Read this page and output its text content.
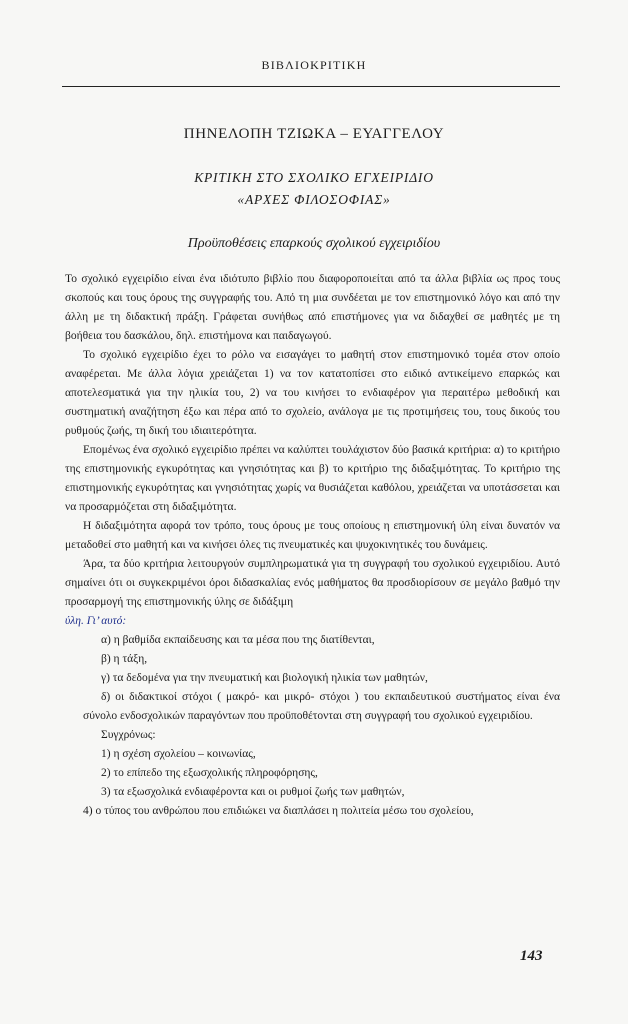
ΒΙΒΛΙΟΚΡΙΤΙΚΗ
ΠΗΝΕΛΟΠΗ ΤΖΙΩΚΑ – ΕΥΑΓΓΕΛΟΥ
ΚΡΙΤΙΚΗ ΣΤΟ ΣΧΟΛΙΚΟ ΕΓΧΕΙΡΙΔΙΟ
«ΑΡΧΕΣ ΦΙΛΟΣΟΦΙΑΣ»
Προϋποθέσεις επαρκούς σχολικού εγχειριδίου

Το σχολικό εγχειρίδιο είναι ένα ιδιότυπο βιβλίο που διαφοροποιείται από τα άλλα βιβλία ως προς τους σκοπούς και τους όρους της συγγραφής του. Από τη μια συνδέεται με τον επιστημονικό λόγο και από την άλλη με τη διδακτική πράξη. Γράφεται συνήθως από επιστήμονες για να διδαχθεί σε μαθητές με τη βοήθεια του δασκάλου, δηλ. επιστήμονα και παιδαγωγού.

Το σχολικό εγχειρίδιο έχει το ρόλο να εισαγάγει το μαθητή στον επιστημονικό τομέα στον οποίο αναφέρεται. Με άλλα λόγια χρειάζεται 1) να τον κατατοπίσει στο ειδικό αντικείμενο επαρκώς και αποτελεσματικά για την ηλικία του, 2) να του κινήσει το ενδιαφέρον για περαιτέρω μεθοδική και συστηματική αναζήτηση έξω και πέρα από το σχολείο, ανάλογα με τις προτιμήσεις του, τους δικούς του ρυθμούς ζωής, τη δική του ιδιαιτερότητα.

Επομένως ένα σχολικό εγχειρίδιο πρέπει να καλύπτει τουλάχιστον δύο βασικά κριτήρια: α) το κριτήριο της επιστημονικής εγκυρότητας και γνησιότητας και β) το κριτήριο της διδαξιμότητας. Το κριτήριο της επιστημονικής εγκυρότητας και γνησιότητας χωρίς να θυσιάζεται καθόλου, χρειάζεται να υποτάσσεται και να προσαρμόζεται στη διδαξιμότητα.

Η διδαξιμότητα αφορά τον τρόπο, τους όρους με τους οποίους η επιστημονική ύλη είναι δυνατόν να μεταδοθεί στο μαθητή και να κινήσει όλες τις πνευματικές και ψυχοκινητικές του δυνάμεις.

Άρα, τα δύο κριτήρια λειτουργούν συμπληρωματικά για τη συγγραφή του σχολικού εγχειριδίου. Αυτό σημαίνει ότι οι συγκεκριμένοι όροι διδασκαλίας ενός μαθήματος θα προσδιορίσουν σε μεγάλο βαθμό την προσαρμογή της επιστημονικής ύλης σε διδάξιμη

ύλη. Γι’ αυτό:

α) η βαθμίδα εκπαίδευσης και τα μέσα που της διατίθενται,

β) η τάξη,

γ) τα δεδομένα για την πνευματική και βιολογική ηλικία των μαθητών,

δ) οι διδακτικοί στόχοι ( μακρό- και μικρό- στόχοι ) του εκπαιδευτικού συστήματος είναι ένα σύνολο ενδοσχολικών παραγόντων που προϋποθέτονται στη συγγραφή του σχολικού εγχειριδίου.

Συγχρόνως:

1) η σχέση σχολείου – κοινωνίας,

2) το επίπεδο της εξωσχολικής πληροφόρησης,

3) τα εξωσχολικά ενδιαφέροντα και οι ρυθμοί ζωής των μαθητών,

4) ο τύπος του ανθρώπου που επιδιώκει να διαπλάσει η πολιτεία μέσω του σχολείου,

143
